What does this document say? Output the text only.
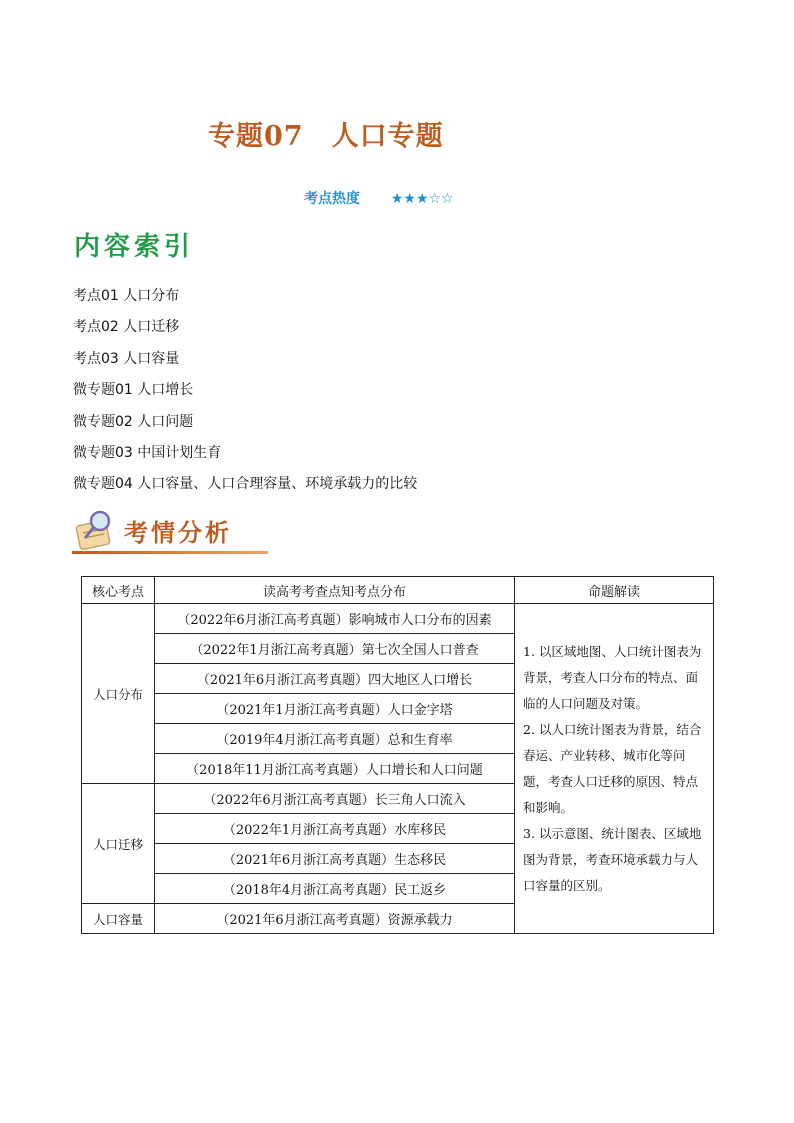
专题07　人口专题
考点热度 ★★★☆☆
内容索引
考点01 人口分布
考点02 人口迁移
考点03 人口容量
微专题01 人口增长
微专题02 人口问题
微专题03 中国计划生育
微专题04 人口容量、人口合理容量、环境承载力的比较
考情分析
核心考点	读高考考查点知考点分布	命题解读
人口分布	（2022年6月浙江高考真题）影响城市人口分布的因素	1. 以区域地图、人口统计图表为背景，考查人口分布的特点、面临的人口问题及对策。
2. 以人口统计图表为背景，结合春运、产业转移、城市化等问题，考查人口迁移的原因、特点和影响。
3. 以示意图、统计图表、区域地图为背景，考查环境承载力与人口容量的区别。

	（2022年1月浙江高考真题）第七次全国人口普查	
	（2021年6月浙江高考真题）四大地区人口增长	
	（2021年1月浙江高考真题）人口金字塔	
	（2019年4月浙江高考真题）总和生育率	
	（2018年11月浙江高考真题）人口增长和人口问题	
人口迁移	（2022年6月浙江高考真题）长三角人口流入	
	（2022年1月浙江高考真题）水库移民	
	（2021年6月浙江高考真题）生态移民	
	（2018年4月浙江高考真题）民工返乡	
人口容量	（2021年6月浙江高考真题）资源承载力	
